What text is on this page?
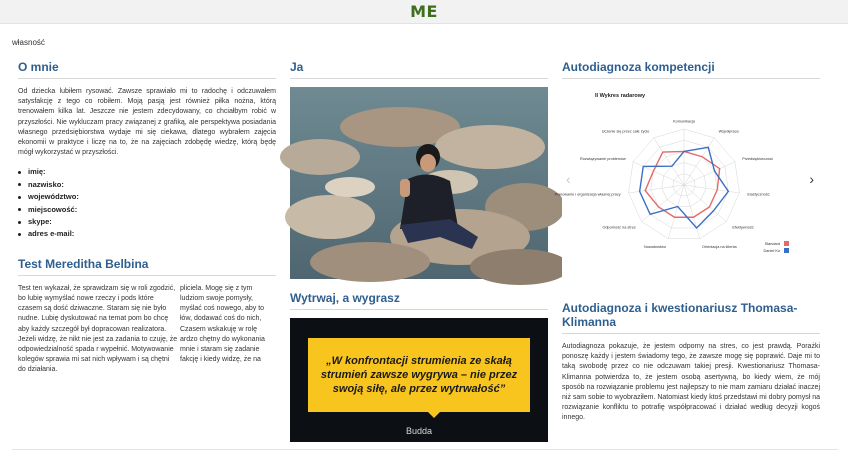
ME
własność
O mnie

Od dziecka lubiłem rysować. Zawsze sprawiało mi to radochę i odczuwałem satysfakcję z tego co robiłem. Moją pasją jest również piłka nożna, którą trenowałem kilka lat. Jeszcze nie jestem zdecydowany, co chciałbym robić w przyszłości. Nie wykluczam pracy związanej z grafiką, ale perspektywa posiadania własnego przedsiębiorstwa wydaje mi się ciekawa, dlatego wybrałem zajęcia ekonomii w praktyce i liczę na to, że na zajęciach zdobędę wiedzę, którą będę mógł wykorzystać w przyszłości.

imię:
nazwisko:
województwo:
miejscowość:
skype:
adres e-mail:
Test Mereditha Belbina

Test ten wykazał, że sprawdzam się w roli zgodzić, bo lubię wymyślać nowe rzeczy i pods które czasem są dość dziwaczne. Staram się nie było nudne. Lubię dyskutować na temat pom bo chcę aby każdy szczegół był dopracowan realizatora. Jeżeli widzę, że nikt nie jest za zadania to czuję, że odpowiedzialność spada r wypełnić. Motywowanie kolegów sprawia mi sat nich wpływam i są chętni do działania.

pliciela. Mogę się z tym ludziom swoje pomysły, myślać coś nowego, aby to łów, dodawać coś do nich, Czasem wskakuję w rolę ardzo chętny do wykonania mnie i staram się zadanie fakcję i kiedy widzę, że na

Ja
Wytrwaj, a wygrasz
„W konfrontacji strumienia ze skałą strumień zawsze wygrywa – nie przez swoją siłę, ale przez wytrwałość”
Budda
Autodiagnoza kompetencji
‹	›
II Wykres radarowy
Komunikacja
Współpraca
Przedsiębiorczość
Elastyczność
Efektywność
Orientacja na klienta
Nowatorstwo
Odporność na stres
Planowanie i organizacja własnej pracy
Rozwiązywanie problemów
Uczenie się przez całe życie
Standard
Daniel Ku
Autodiagnoza i kwestionariusz Thomasa-Klimanna

Autodiagnoza pokazuje, że jestem odporny na stres, co jest prawdą. Porażki ponoszę każdy i jestem świadomy tego, że zawsze mogę się poprawić. Daje mi to taką swobodę przez co nie odczuwam takiej presji. Kwestionariusz Thomasa-Klimanna potwierdza to, że jestem osobą asertywną, bo kiedy wiem, że mój sposób na rozwiązanie problemu jest najlepszy to nie mam zamiaru działać inaczej niż sam sobie to wyobraziłem. Natomiast kiedy ktoś przedstawi mi dobry pomysł na rozwiązanie konfliktu to potrafię współpracować i działać według decyzji kogoś innego.
